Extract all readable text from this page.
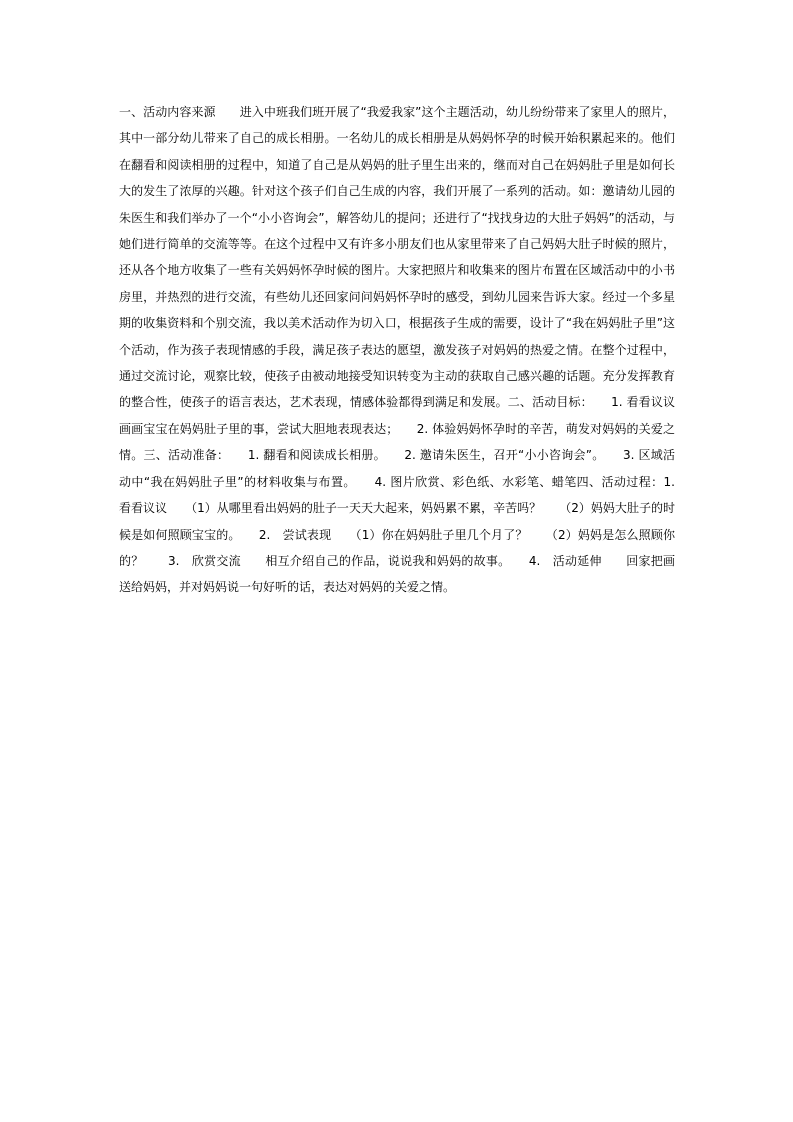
一、活动内容来源　　进入中班我们班开展了“我爱我家”这个主题活动，幼儿纷纷带来了家里人的照片，其中一部分幼儿带来了自己的成长相册。一名幼儿的成长相册是从妈妈怀孕的时候开始积累起来的。他们在翻看和阅读相册的过程中，知道了自己是从妈妈的肚子里生出来的，继而对自己在妈妈肚子里是如何长大的发生了浓厚的兴趣。针对这个孩子们自己生成的内容，我们开展了一系列的活动。如：邀请幼儿园的朱医生和我们举办了一个“小小咨询会”，解答幼儿的提问；还进行了“找找身边的大肚子妈妈”的活动，与她们进行简单的交流等等。在这个过程中又有许多小朋友们也从家里带来了自己妈妈大肚子时候的照片，还从各个地方收集了一些有关妈妈怀孕时候的图片。大家把照片和收集来的图片布置在区域活动中的小书房里，并热烈的进行交流，有些幼儿还回家问问妈妈怀孕时的感受，到幼儿园来告诉大家。经过一个多星期的收集资料和个别交流，我以美术活动作为切入口，根据孩子生成的需要，设计了“我在妈妈肚子里”这个活动，作为孩子表现情感的手段，满足孩子表达的愿望，激发孩子对妈妈的热爱之情。在整个过程中，通过交流讨论，观察比较，使孩子由被动地接受知识转变为主动的获取自己感兴趣的话题。充分发挥教育的整合性，使孩子的语言表达，艺术表现，情感体验都得到满足和发展。二、活动目标：　　1. 看看议议画画宝宝在妈妈肚子里的事，尝试大胆地表现表达；　　2. 体验妈妈怀孕时的辛苦，萌发对妈妈的关爱之情。三、活动准备：　　1. 翻看和阅读成长相册。　　2. 邀请朱医生，召开“小小咨询会”。　　3. 区域活动中“我在妈妈肚子里”的材料收集与布置。　　4. 图片欣赏、彩色纸、水彩笔、蜡笔四、活动过程：1.　看看议议　　（1）从哪里看出妈妈的肚子一天天大起来，妈妈累不累，辛苦吗？　　（2）妈妈大肚子的时候是如何照顾宝宝的。　　2.　尝试表现　　（1）你在妈妈肚子里几个月了？　　（2）妈妈是怎么照顾你的？　　3.　欣赏交流　　相互介绍自己的作品，说说我和妈妈的故事。　　4.　活动延伸　　回家把画送给妈妈，并对妈妈说一句好听的话，表达对妈妈的关爱之情。
